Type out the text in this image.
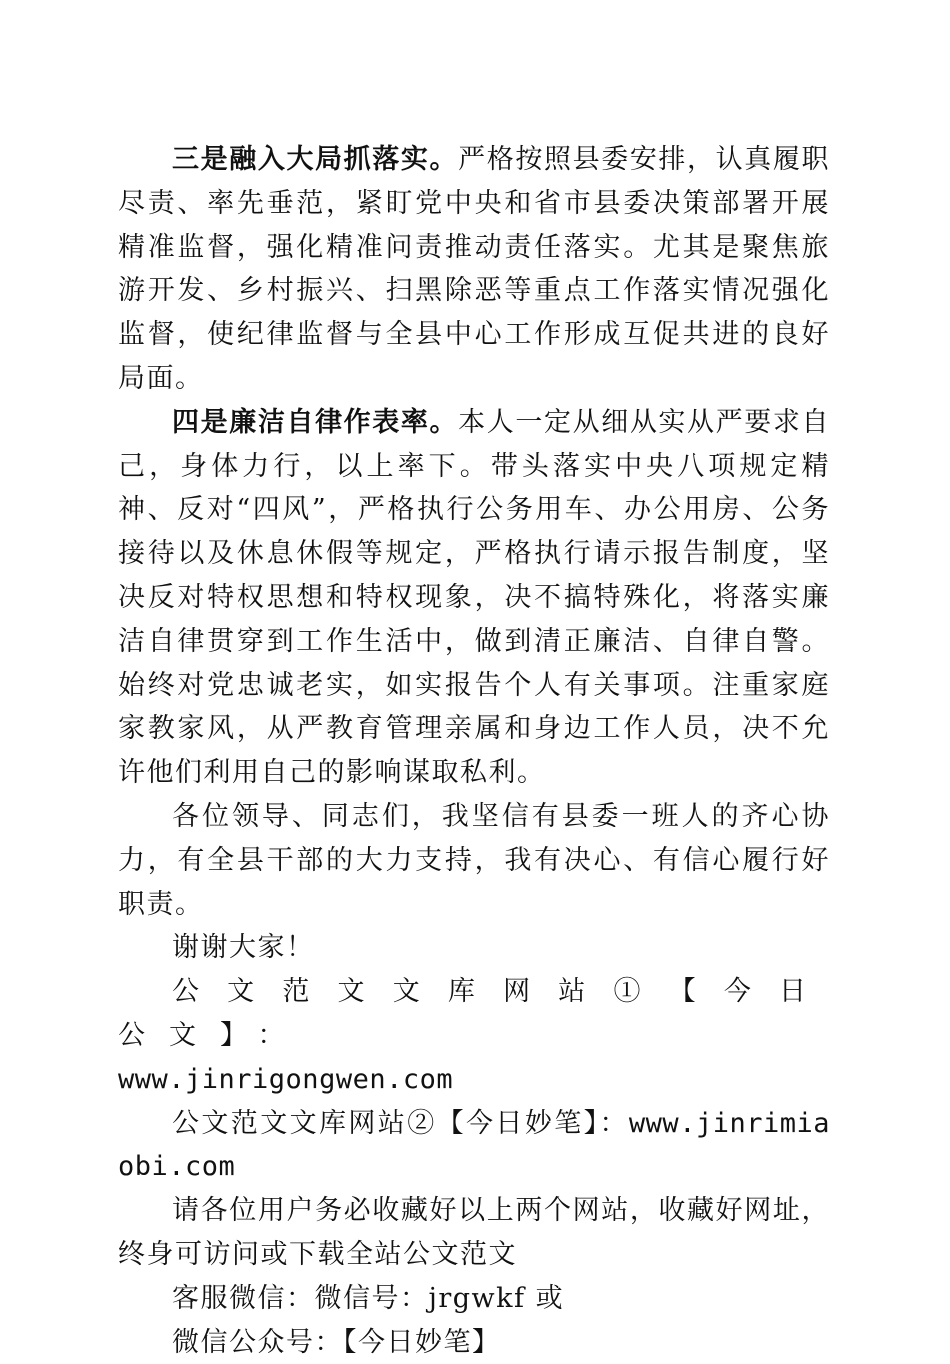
三是融入大局抓落实。严格按照县委安排，认真履职尽责、率先垂范，紧盯党中央和省市县委决策部署开展精准监督，强化精准问责推动责任落实。尤其是聚焦旅游开发、乡村振兴、扫黑除恶等重点工作落实情况强化监督，使纪律监督与全县中心工作形成互促共进的良好局面。

四是廉洁自律作表率。本人一定从细从实从严要求自己，身体力行，以上率下。带头落实中央八项规定精神、反对“四风”，严格执行公务用车、办公用房、公务接待以及休息休假等规定，严格执行请示报告制度，坚决反对特权思想和特权现象，决不搞特殊化，将落实廉洁自律贯穿到工作生活中，做到清正廉洁、自律自警。始终对党忠诚老实，如实报告个人有关事项。注重家庭家教家风，从严教育管理亲属和身边工作人员，决不允许他们利用自己的影响谋取私利。

各位领导、同志们，我坚信有县委一班人的齐心协力，有全县干部的大力支持，我有决心、有信心履行好职责。

谢谢大家！

公文范文文库网站①【今日公文】：
www.jinrigongwen.com

公文范文文库网站②【今日妙笔】：www.jinrimiaobi.com

请各位用户务必收藏好以上两个网站，收藏好网址，终身可访问或下载全站公文范文

客服微信：微信号：jrgwkf 或

微信公众号：【今日妙笔】
